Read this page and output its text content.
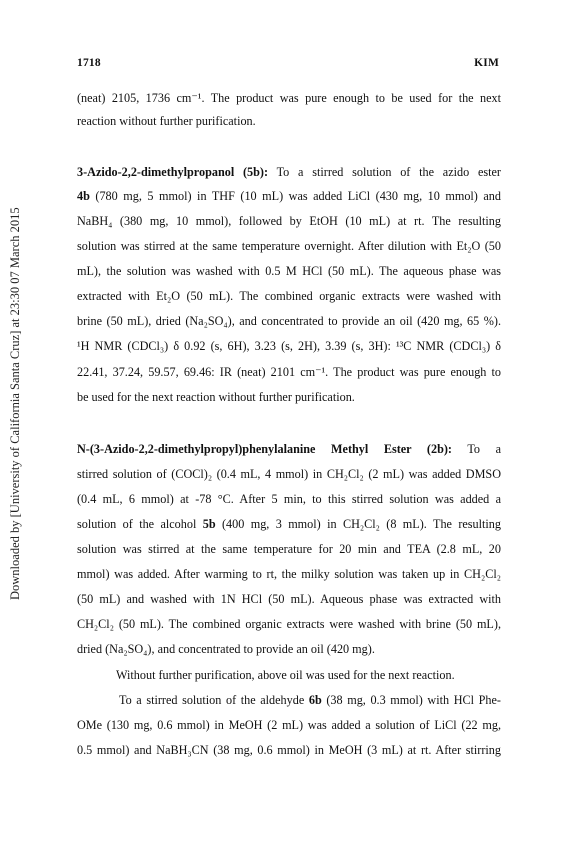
1718	KIM
Downloaded by [University of California Santa Cruz] at 23:30 07 March 2015
(neat) 2105, 1736 cm⁻¹. The product was pure enough to be used for the next
reaction without further purification.
3-Azido-2,2-dimethylpropanol (5b): To a stirred solution of the azido ester
4b (780 mg, 5 mmol) in THF (10 mL) was added LiCl (430 mg, 10 mmol) and
NaBH₄ (380 mg, 10 mmol), followed by EtOH (10 mL) at rt. The resulting
solution was stirred at the same temperature overnight. After dilution with Et₂O (50
mL), the solution was washed with 0.5 M HCl (50 mL). The aqueous phase was
extracted with Et₂O (50 mL). The combined organic extracts were washed with
brine (50 mL), dried (Na₂SO₄), and concentrated to provide an oil (420 mg, 65 %).
¹H NMR (CDCl₃) δ 0.92 (s, 6H), 3.23 (s, 2H), 3.39 (s, 3H): ¹³C NMR (CDCl₃) δ
22.41, 37.24, 59.57, 69.46: IR (neat) 2101 cm⁻¹. The product was pure enough to
be used for the next reaction without further purification.
N-(3-Azido-2,2-dimethylpropyl)phenylalanine Methyl Ester (2b): To a
stirred solution of (COCl)₂ (0.4 mL, 4 mmol) in CH₂Cl₂ (2 mL) was added DMSO
(0.4 mL, 6 mmol) at -78 °C. After 5 min, to this stirred solution was added a
solution of the alcohol 5b (400 mg, 3 mmol) in CH₂Cl₂ (8 mL). The resulting
solution was stirred at the same temperature for 20 min and TEA (2.8 mL, 20
mmol) was added. After warming to rt, the milky solution was taken up in CH₂Cl₂
(50 mL) and washed with 1N HCl (50 mL). Aqueous phase was extracted with
CH₂Cl₂ (50 mL). The combined organic extracts were washed with brine (50 mL),
dried (Na₂SO₄), and concentrated to provide an oil (420 mg).
Without further purification, above oil was used for the next reaction.
To a stirred solution of the aldehyde 6b (38 mg, 0.3 mmol) with HCl Phe-
OMe (130 mg, 0.6 mmol) in MeOH (2 mL) was added a solution of LiCl (22 mg,
0.5 mmol) and NaBH₃CN (38 mg, 0.6 mmol) in MeOH (3 mL) at rt. After stirring
